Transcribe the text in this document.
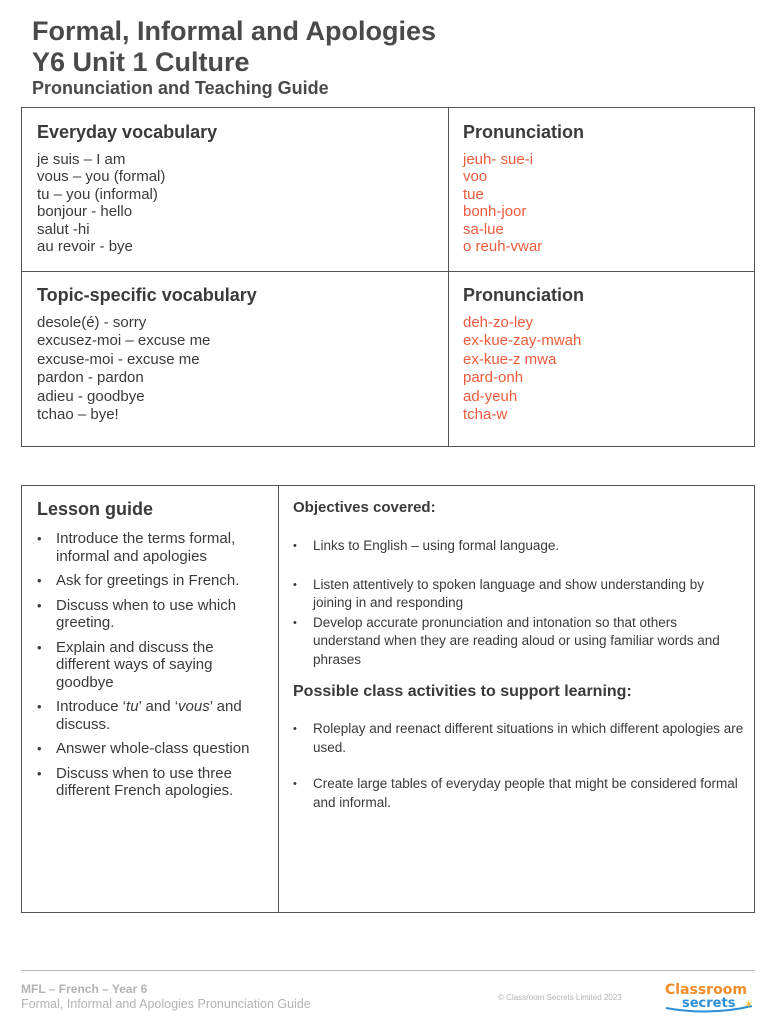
Formal, Informal and Apologies
Y6 Unit 1 Culture
Pronunciation and Teaching Guide
Everyday vocabulary
je suis – I am
vous – you (formal)
tu – you (informal)
bonjour - hello
salut -hi
au revoir - bye
Pronunciation
jeuh- sue-i
voo
tue
bonh-joor
sa-lue
o reuh-vwar
Topic-specific vocabulary
desole(é) - sorry
excusez-moi – excuse me
excuse-moi - excuse me
pardon - pardon
adieu - goodbye
tchao – bye!
Pronunciation
deh-zo-ley
ex-kue-zay-mwah
ex-kue-z mwa
pard-onh
ad-yeuh
tcha-w
Lesson guide
• Introduce the terms formal, informal and apologies
• Ask for greetings in French.
• Discuss when to use which greeting.
• Explain and discuss the different ways of saying goodbye
• Introduce ‘tu’ and ‘vous’ and discuss.
• Answer whole-class question
• Discuss when to use three different French apologies.
Objectives covered:
• Links to English – using formal language.
• Listen attentively to spoken language and show understanding by joining in and responding
• Develop accurate pronunciation and intonation so that others understand when they are reading aloud or using familiar words and phrases
Possible class activities to support learning:
• Roleplay and reenact different situations in which different apologies are used.
• Create large tables of everyday people that might be considered formal and informal.
MFL – French – Year 6
Formal, Informal and Apologies Pronunciation Guide	© Classroom Secrets Limited 2023	Classroom
secrets ✶
